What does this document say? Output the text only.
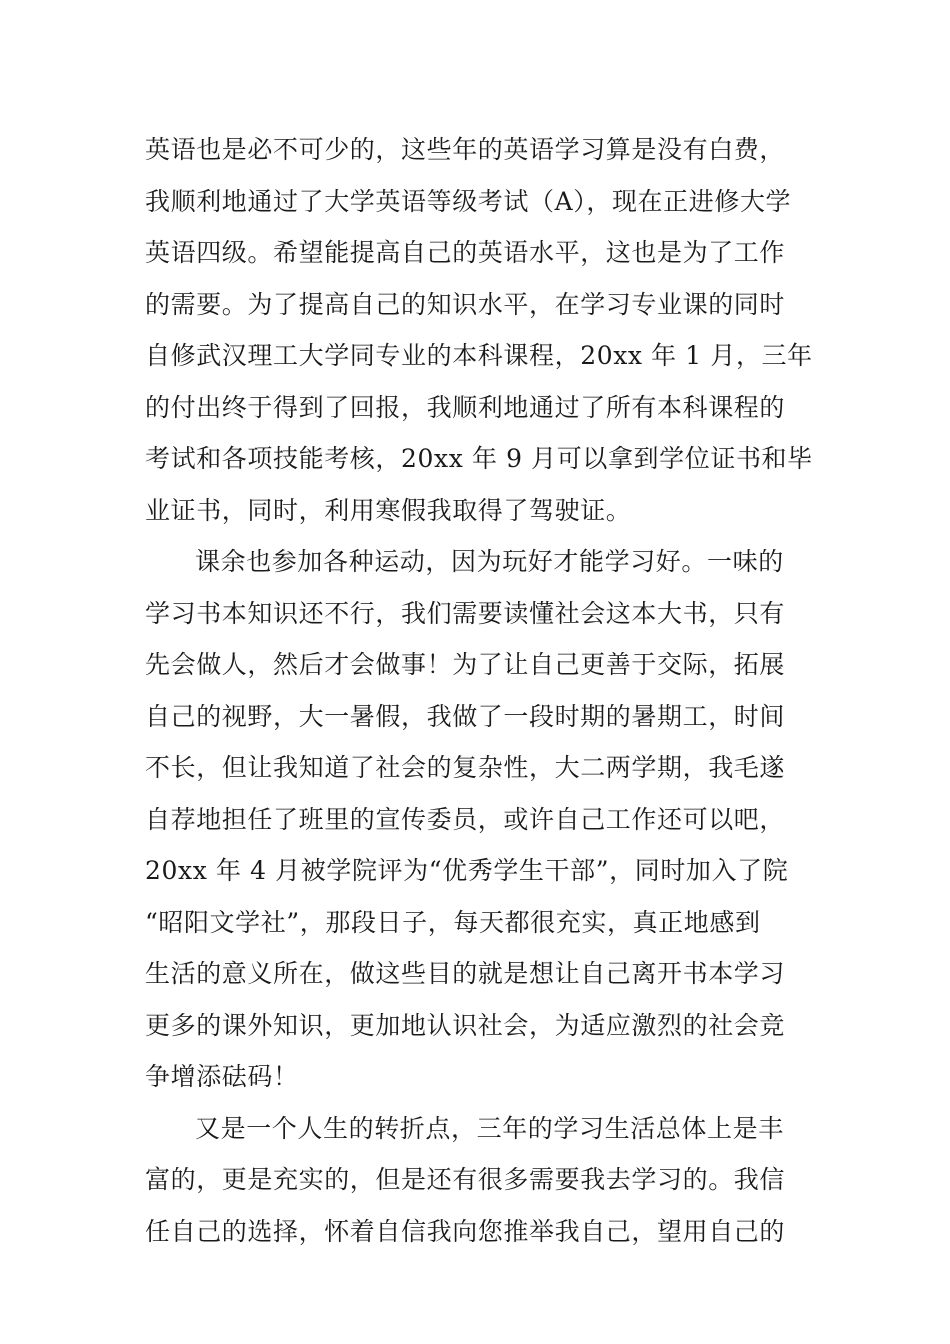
英语也是必不可少的，这些年的英语学习算是没有白费，
我顺利地通过了大学英语等级考试（A），现在正进修大学
英语四级。希望能提高自己的英语水平，这也是为了工作
的需要。为了提高自己的知识水平，在学习专业课的同时
自修武汉理工大学同专业的本科课程，20xx 年 1 月，三年
的付出终于得到了回报，我顺利地通过了所有本科课程的
考试和各项技能考核，20xx 年 9 月可以拿到学位证书和毕
业证书，同时，利用寒假我取得了驾驶证。
课余也参加各种运动，因为玩好才能学习好。一味的
学习书本知识还不行，我们需要读懂社会这本大书，只有
先会做人，然后才会做事！为了让自己更善于交际，拓展
自己的视野，大一暑假，我做了一段时期的暑期工，时间
不长，但让我知道了社会的复杂性，大二两学期，我毛遂
自荐地担任了班里的宣传委员，或许自己工作还可以吧，
20xx 年 4 月被学院评为“优秀学生干部”，同时加入了院
“昭阳文学社”，那段日子，每天都很充实，真正地感到
生活的意义所在，做这些目的就是想让自己离开书本学习
更多的课外知识，更加地认识社会，为适应激烈的社会竞
争增添砝码！
又是一个人生的转折点，三年的学习生活总体上是丰
富的，更是充实的，但是还有很多需要我去学习的。我信
任自己的选择，怀着自信我向您推举我自己，望用自己的
